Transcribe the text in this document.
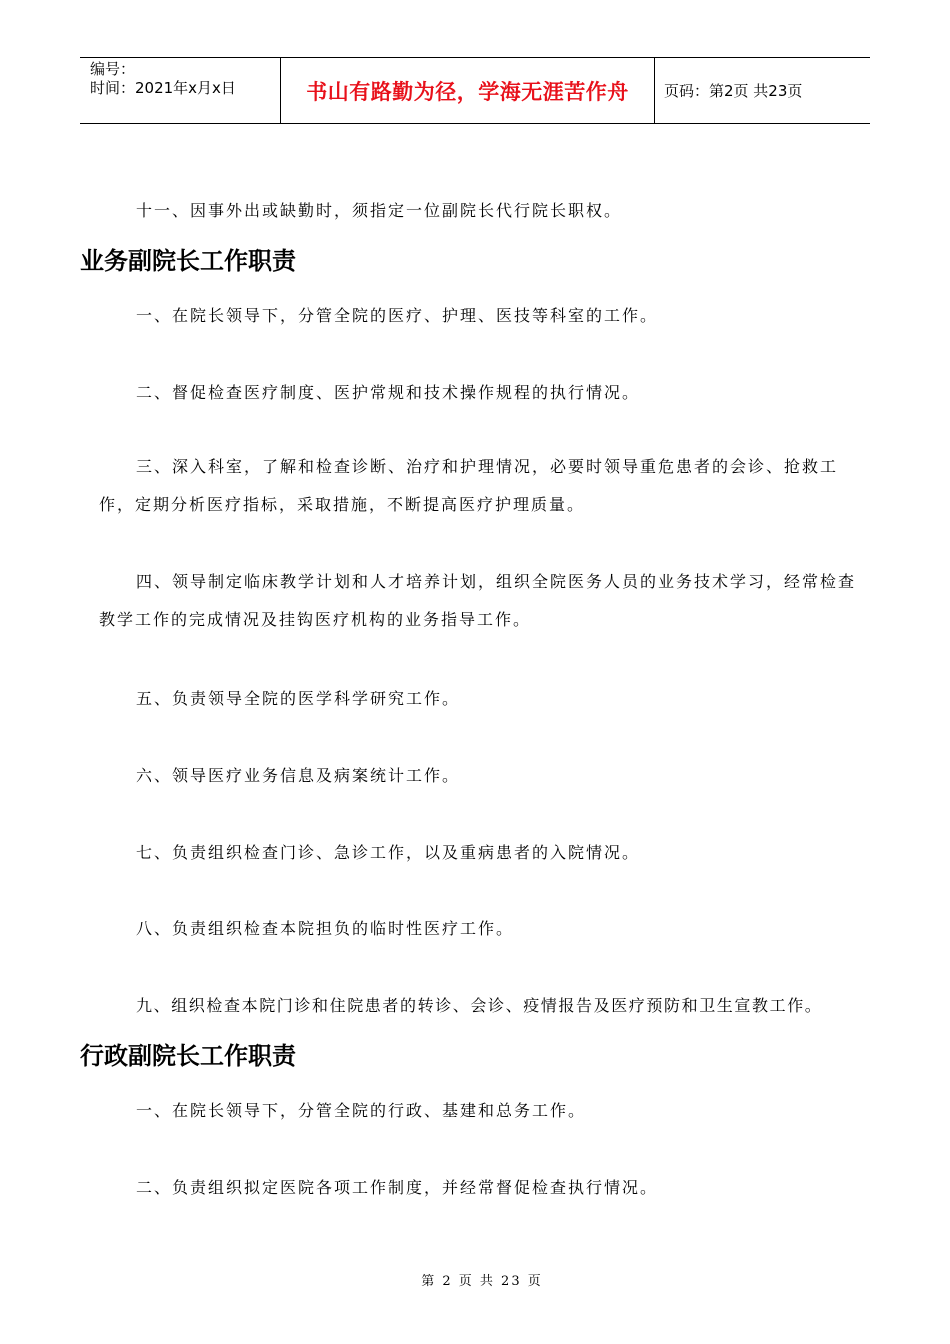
编号：
时间：2021年x月x日	书山有路勤为径，学海无涯苦作舟	页码：第2页 共23页
十一、因事外出或缺勤时，须指定一位副院长代行院长职权。
业务副院长工作职责
一、在院长领导下，分管全院的医疗、护理、医技等科室的工作。
二、督促检查医疗制度、医护常规和技术操作规程的执行情况。
三、深入科室，了解和检查诊断、治疗和护理情况，必要时领导重危患者的会诊、抢救工作，定期分析医疗指标，采取措施，不断提高医疗护理质量。
四、领导制定临床教学计划和人才培养计划，组织全院医务人员的业务技术学习，经常检查教学工作的完成情况及挂钩医疗机构的业务指导工作。
五、负责领导全院的医学科学研究工作。
六、领导医疗业务信息及病案统计工作。
七、负责组织检查门诊、急诊工作，以及重病患者的入院情况。
八、负责组织检查本院担负的临时性医疗工作。
九、组织检查本院门诊和住院患者的转诊、会诊、疫情报告及医疗预防和卫生宣教工作。
行政副院长工作职责
一、在院长领导下，分管全院的行政、基建和总务工作。
二、负责组织拟定医院各项工作制度，并经常督促检查执行情况。
第 2 页 共 23 页
